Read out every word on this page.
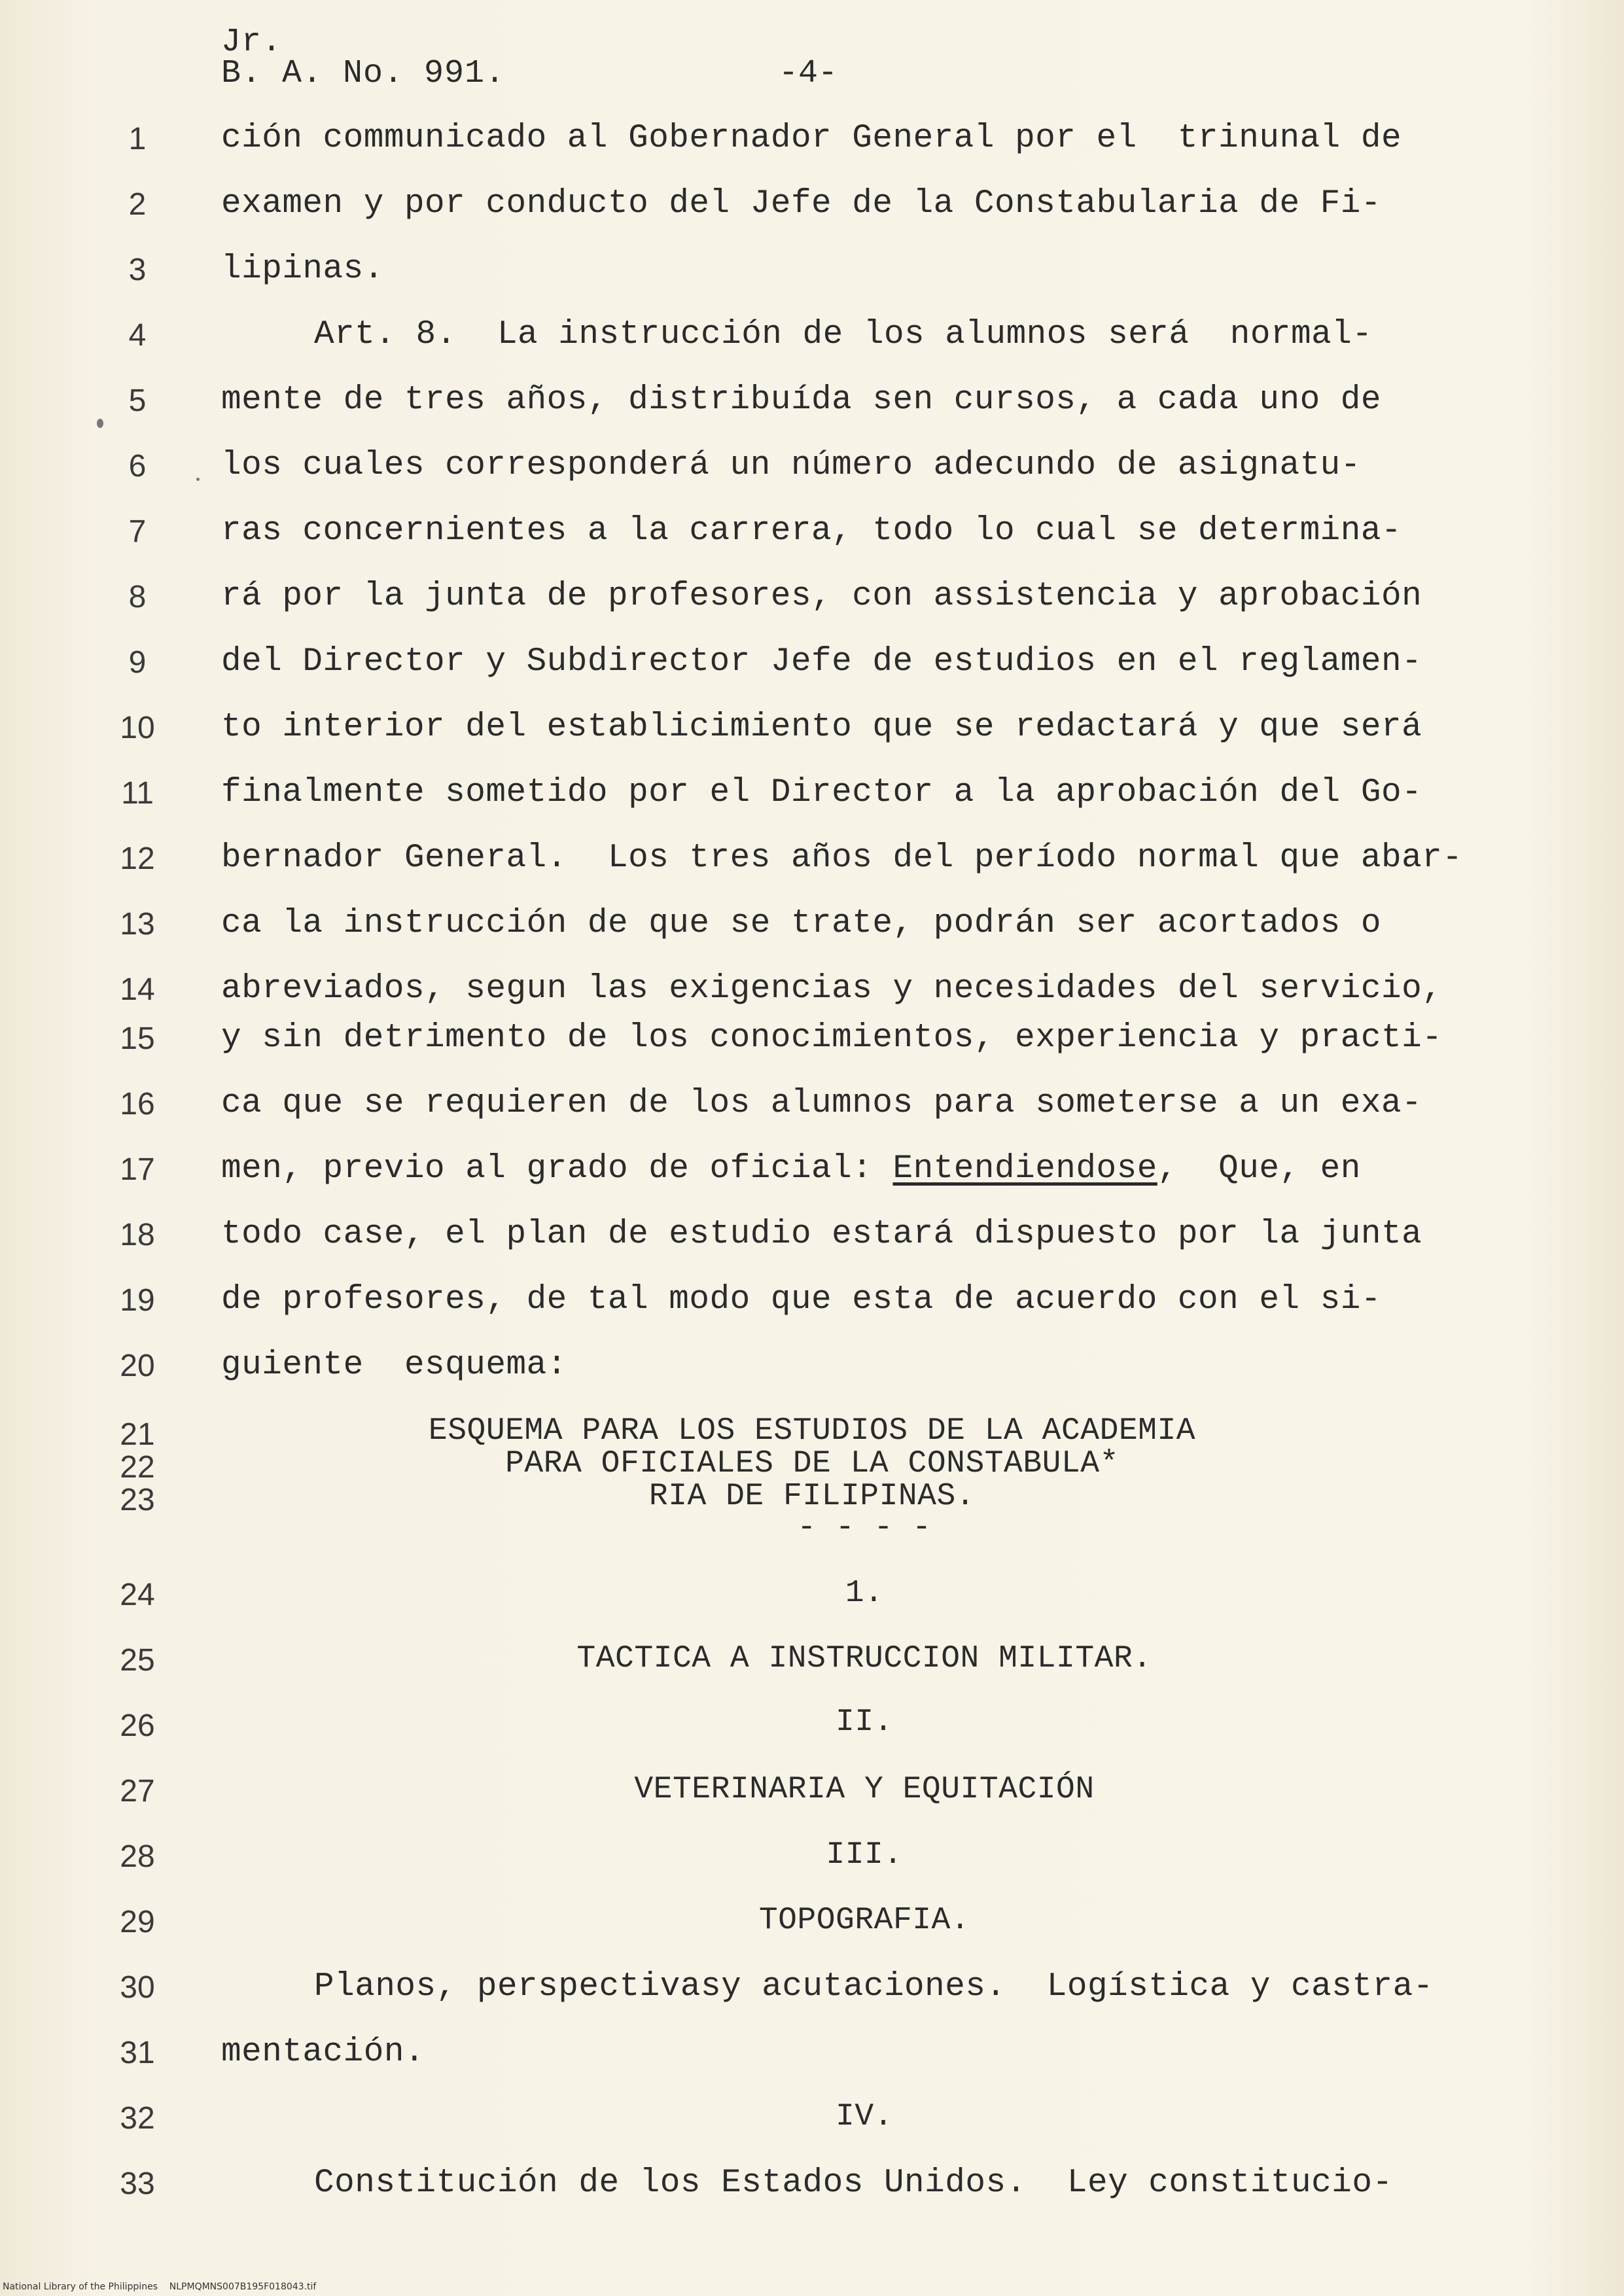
Jr.
B. A. No. 991.	-4-
1	ción communicado al Gobernador General por el  trinunal de
2	examen y por conducto del Jefe de la Constabularia de Fi-
3	lipinas.
4	Art. 8.  La instrucción de los alumnos será  normal-
5	mente de tres años, distribuída sen cursos, a cada uno de
6	los cuales corresponderá un número adecundo de asignatu-
7	ras concernientes a la carrera, todo lo cual se determina-
8	rá por la junta de profesores, con assistencia y aprobación
9	del Director y Subdirector Jefe de estudios en el reglamen-
10	to interior del establicimiento que se redactará y que será
11	finalmente sometido por el Director a la aprobación del Go-
12	bernador General.  Los tres años del período normal que abar-
13	ca la instrucción de que se trate, podrán ser acortados o
14	abreviados, segun las exigencias y necesidades del servicio,
15	y sin detrimento de los conocimientos, experiencia y practi-
16	ca que se requieren de los alumnos para someterse a un exa-
17	men, previo al grado de oficial: Entendiendose,  Que, en
18	todo case, el plan de estudio estará dispuesto por la junta
19	de profesores, de tal modo que esta de acuerdo con el si-
20	guiente  esquema:
21	ESQUEMA PARA LOS ESTUDIOS DE LA ACADEMIA
22	PARA OFICIALES DE LA CONSTABULA*
23	RIA DE FILIPINAS.
- - - -
24	1.
25	TACTICA A INSTRUCCION MILITAR.
26	II.
27	VETERINARIA Y EQUITACIÓN
28	III.
29	TOPOGRAFIA.
30	Planos, perspectivasy acutaciones.  Logística y castra-
31	mentación.
32	IV.
33	Constitución de los Estados Unidos.  Ley constitucio-
National Library of the Philippines    NLPMQMNS007B195F018043.tif
